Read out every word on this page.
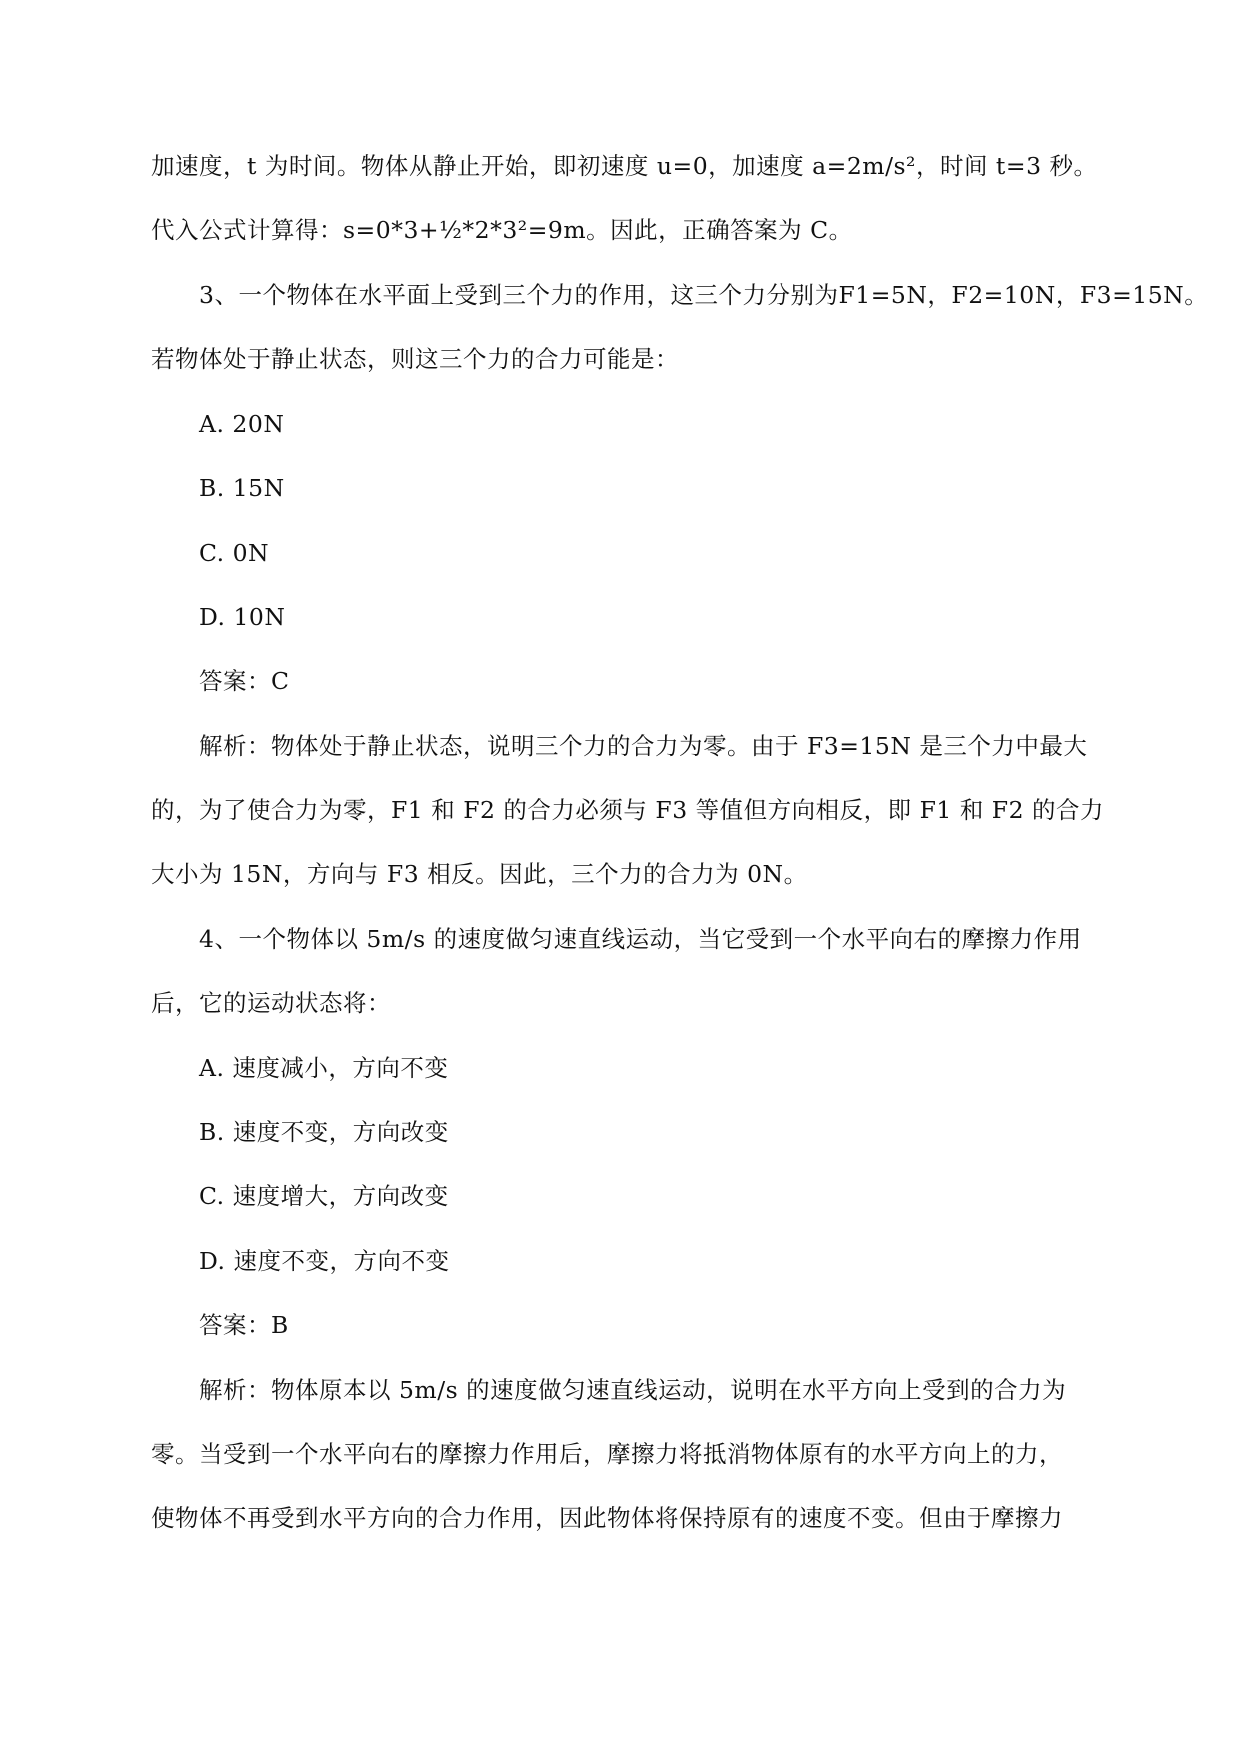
加速度，t 为时间。物体从静止开始，即初速度 u=0，加速度 a=2m/s²，时间 t=3 秒。
代入公式计算得：s=0*3+½*2*3²=9m。因此，正确答案为 C。
3、一个物体在水平面上受到三个力的作用，这三个力分别为F1=5N，F2=10N，F3=15N。
若物体处于静止状态，则这三个力的合力可能是：
A. 20N
B. 15N
C. 0N
D. 10N
答案：C
解析：物体处于静止状态，说明三个力的合力为零。由于 F3=15N 是三个力中最大
的，为了使合力为零，F1 和 F2 的合力必须与 F3 等值但方向相反，即 F1 和 F2 的合力
大小为 15N，方向与 F3 相反。因此，三个力的合力为 0N。
4、一个物体以 5m/s 的速度做匀速直线运动，当它受到一个水平向右的摩擦力作用
后，它的运动状态将：
A. 速度减小，方向不变
B. 速度不变，方向改变
C. 速度增大，方向改变
D. 速度不变，方向不变
答案：B
解析：物体原本以 5m/s 的速度做匀速直线运动，说明在水平方向上受到的合力为
零。当受到一个水平向右的摩擦力作用后，摩擦力将抵消物体原有的水平方向上的力，
使物体不再受到水平方向的合力作用，因此物体将保持原有的速度不变。但由于摩擦力
